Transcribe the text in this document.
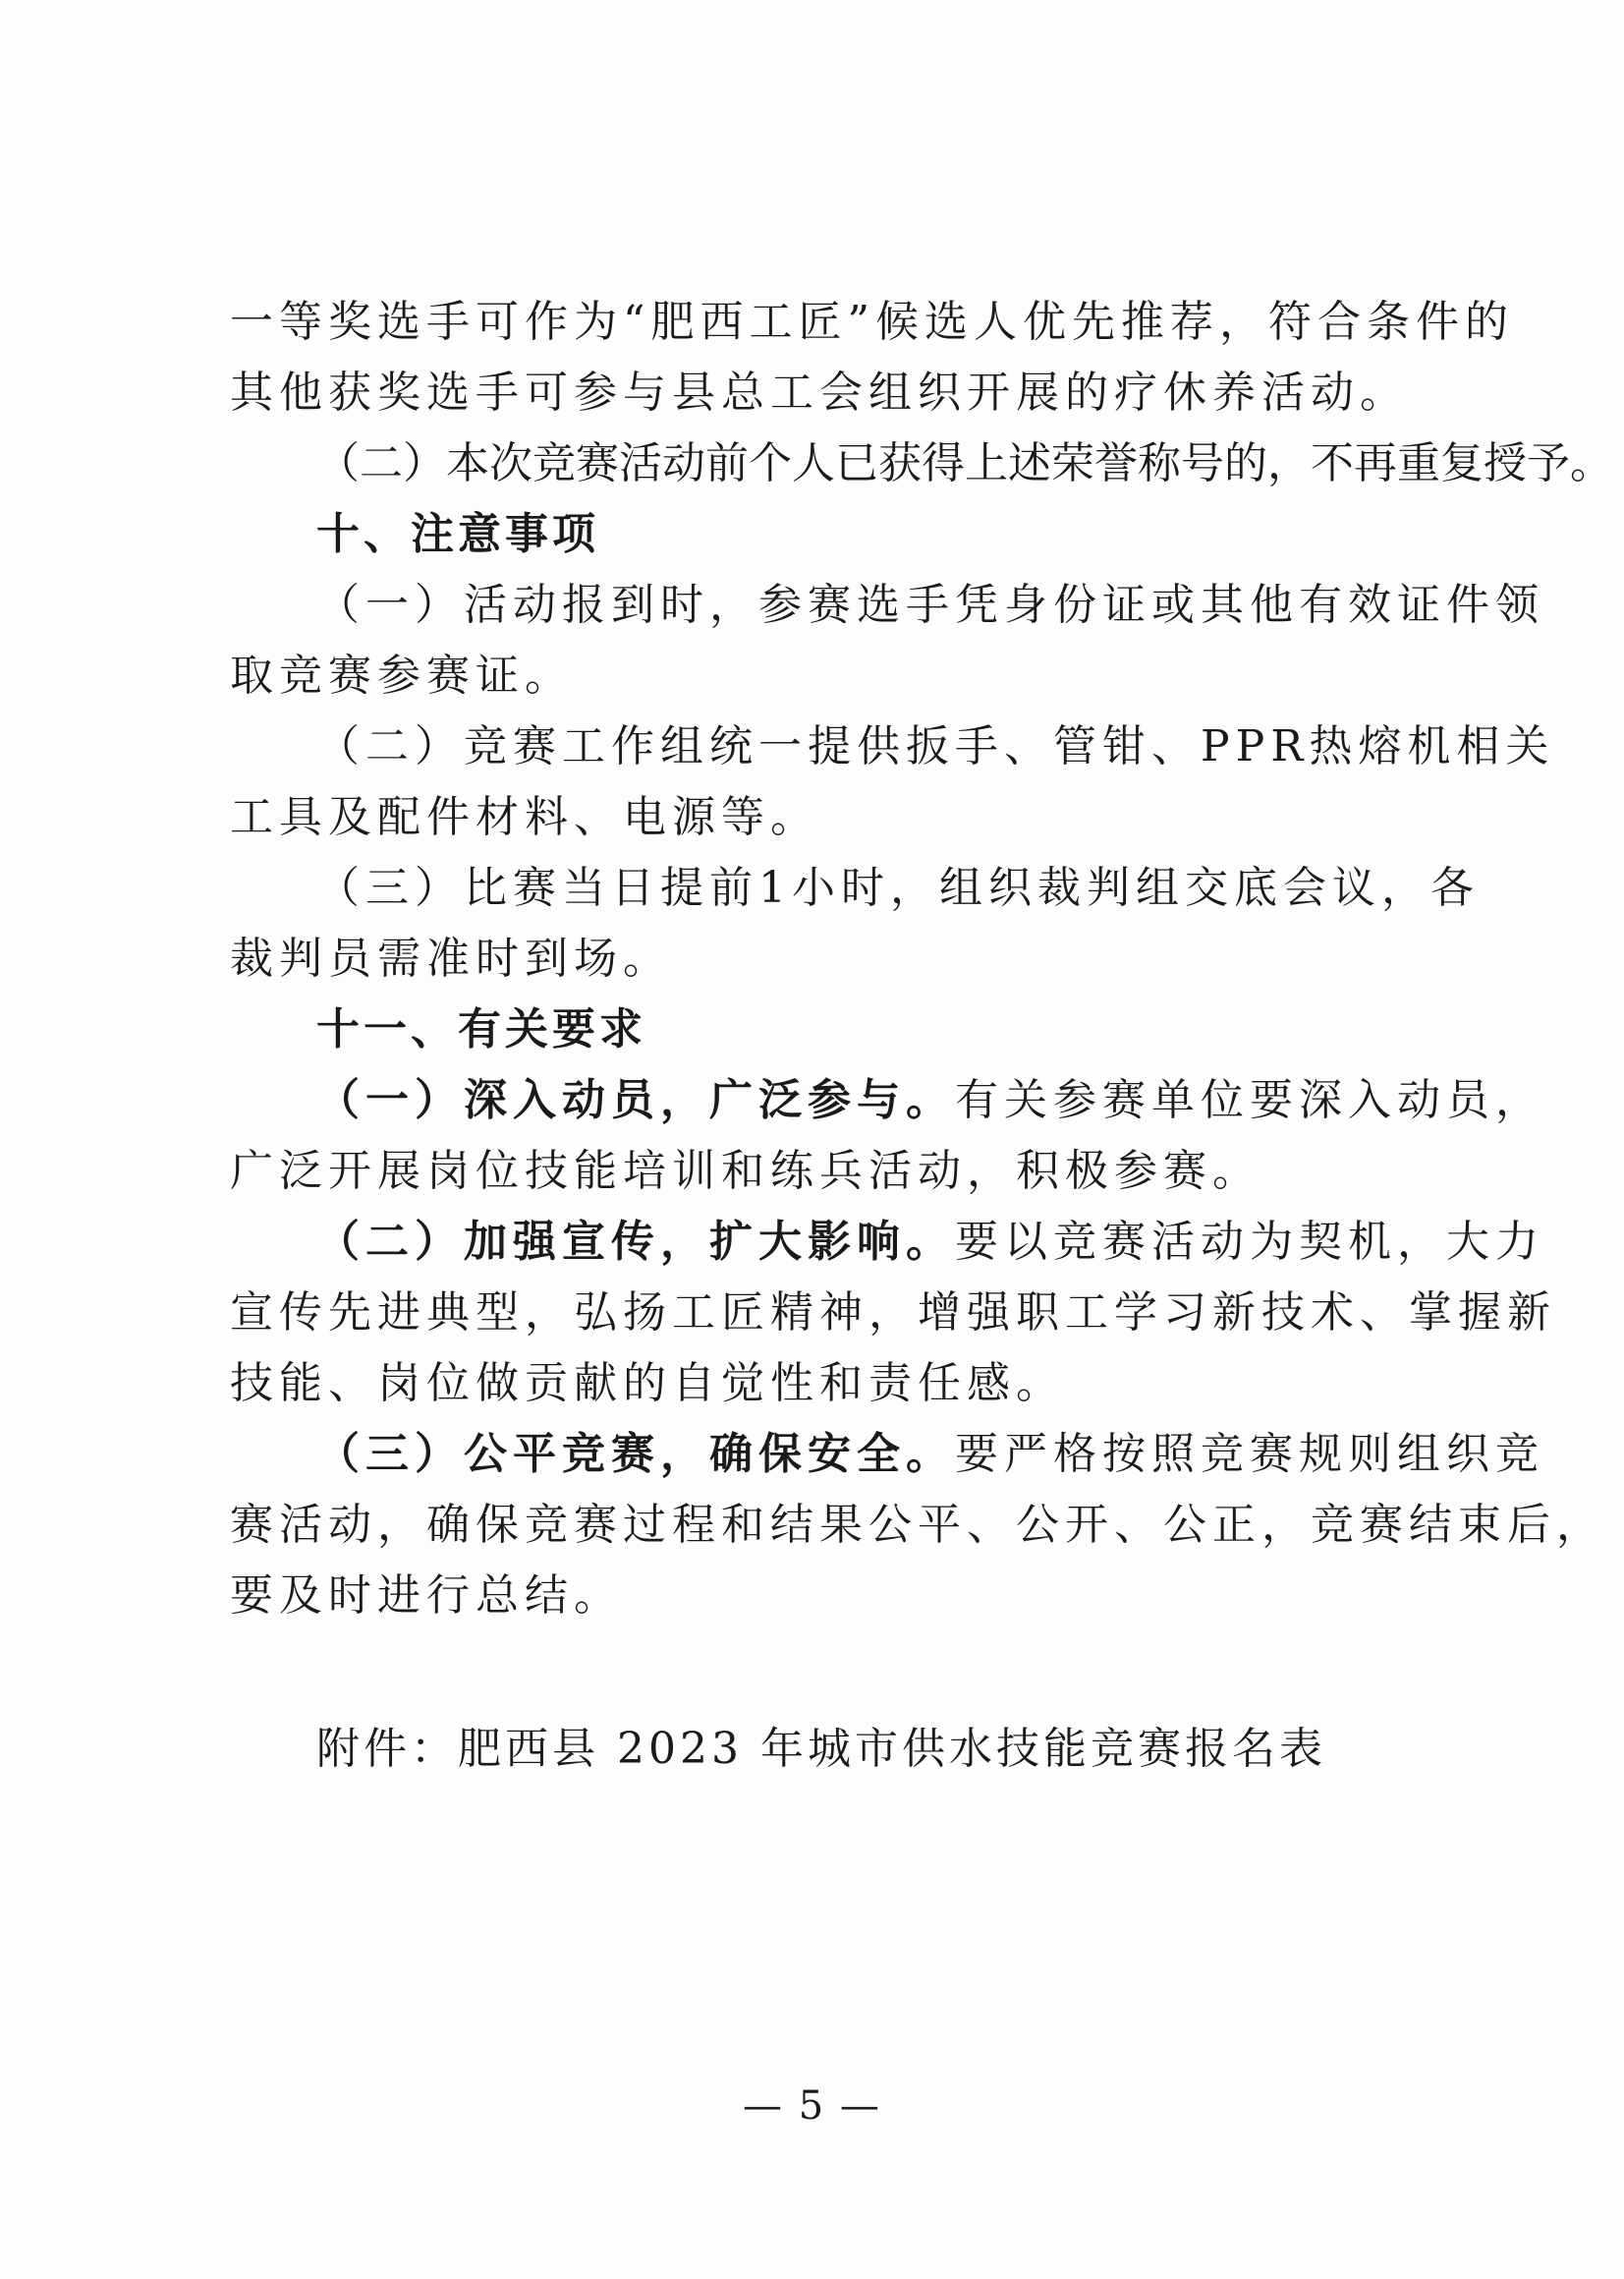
一等奖选手可作为“肥西工匠”候选人优先推荐，符合条件的
其他获奖选手可参与县总工会组织开展的疗休养活动。
（二）本次竞赛活动前个人已获得上述荣誉称号的，不再重复授予。
十、注意事项
（一）活动报到时，参赛选手凭身份证或其他有效证件领
取竞赛参赛证。
（二）竞赛工作组统一提供扳手、管钳、PPR热熔机相关
工具及配件材料、电源等。
（三）比赛当日提前1小时，组织裁判组交底会议，各
裁判员需准时到场。
十一、有关要求
（一）深入动员，广泛参与。有关参赛单位要深入动员，
广泛开展岗位技能培训和练兵活动，积极参赛。
（二）加强宣传，扩大影响。要以竞赛活动为契机，大力
宣传先进典型，弘扬工匠精神，增强职工学习新技术、掌握新
技能、岗位做贡献的自觉性和责任感。
（三）公平竞赛，确保安全。要严格按照竞赛规则组织竞
赛活动，确保竞赛过程和结果公平、公开、公正，竞赛结束后，
要及时进行总结。
附件：肥西县 2023 年城市供水技能竞赛报名表
— 5 —
